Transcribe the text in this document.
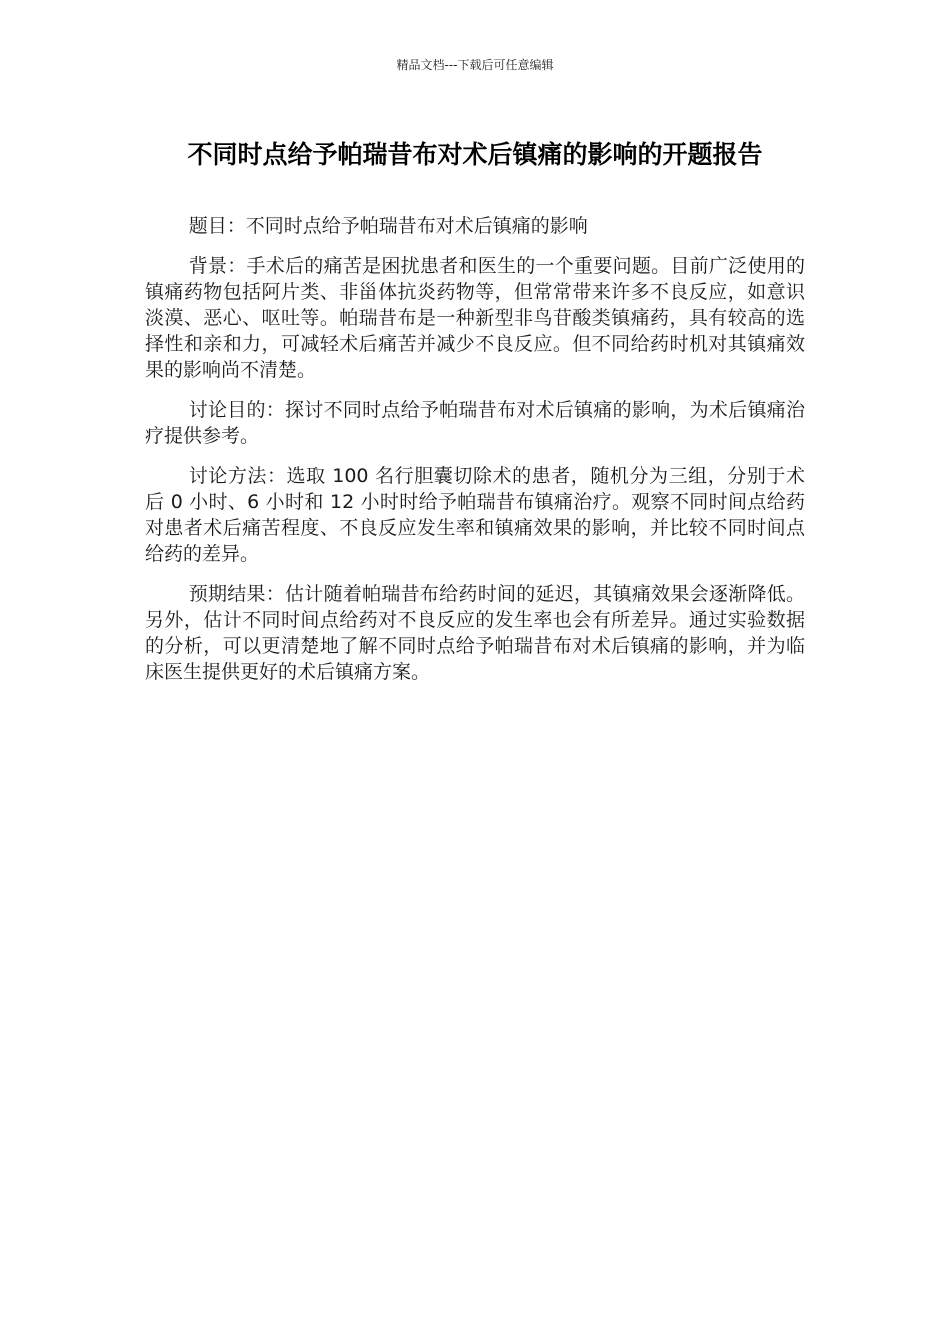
精品文档---下载后可任意编辑
不同时点给予帕瑞昔布对术后镇痛的影响的开题报告

题目：不同时点给予帕瑞昔布对术后镇痛的影响

背景：手术后的痛苦是困扰患者和医生的一个重要问题。目前广泛使用的镇痛药物包括阿片类、非甾体抗炎药物等，但常常带来许多不良反应，如意识淡漠、恶心、呕吐等。帕瑞昔布是一种新型非鸟苷酸类镇痛药，具有较高的选择性和亲和力，可减轻术后痛苦并减少不良反应。但不同给药时机对其镇痛效果的影响尚不清楚。

讨论目的：探讨不同时点给予帕瑞昔布对术后镇痛的影响，为术后镇痛治疗提供参考。

讨论方法：选取 100 名行胆囊切除术的患者，随机分为三组，分别于术后 0 小时、6 小时和 12 小时时给予帕瑞昔布镇痛治疗。观察不同时间点给药对患者术后痛苦程度、不良反应发生率和镇痛效果的影响，并比较不同时间点给药的差异。

预期结果：估计随着帕瑞昔布给药时间的延迟，其镇痛效果会逐渐降低。另外，估计不同时间点给药对不良反应的发生率也会有所差异。通过实验数据的分析，可以更清楚地了解不同时点给予帕瑞昔布对术后镇痛的影响，并为临床医生提供更好的术后镇痛方案。
